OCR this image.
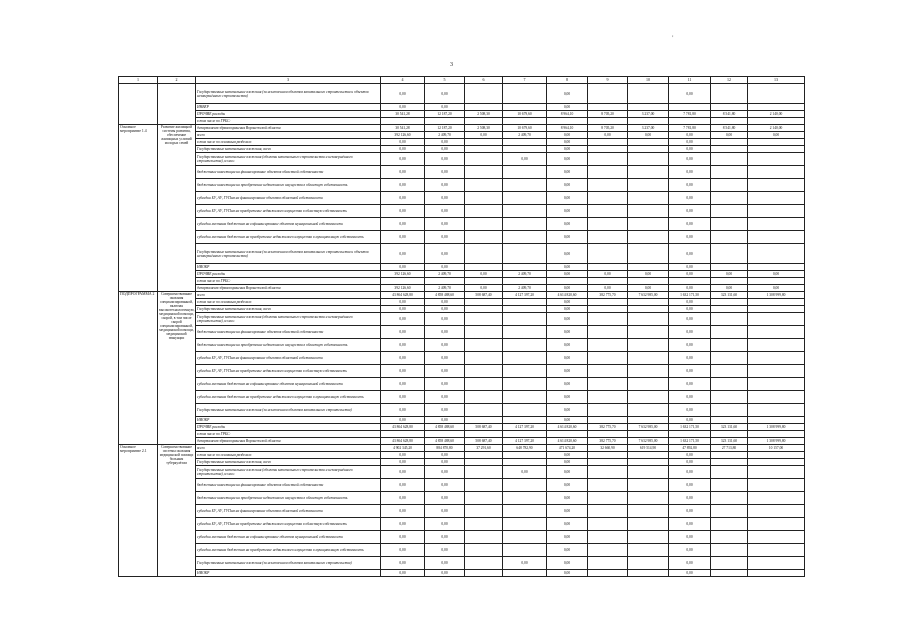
,
3
1	2	3	4	5	6	7	8	9	10	11	12	13
		Государственные капитальные вложения (за исключением объектов капитального строительства и объектов незавершённого строительства)	0,00	0,00			0,00			0,00		
		ИНВЕР	0,00	0,00			0,00					
		ПРОЧИЕ расходы	30 541,28	12 187,20	2 508,30	10 679,60	8 964,10	8 705,20	3 237,00	7 781,80	8 541,80	2 140,00
		в том числе по ГРБС:										
Основное мероприятие 1.4	Развитие жилищной системы развития, обеспечение жилищных условий молодых семей	департамент здравоохранения Воронежской области	30 541,28	12 187,20	2 508,30	10 679,60	8 964,10	8 705,20	3 237,00	7 781,80	8 541,80	2 140,00
		всего	392 126,60	2 409,70	0,00	2 409,70	0,00	0,00	0,00	0,00	0,00	0,00
		в том числе по основным разделам:	0,00	0,00			0,00			0,00		
		Государственные капитальные вложения, всего	0,00	0,00			0,00			0,00		
		Государственные капитальные вложения (объекты капитального строительства и незавершённого строительства), из них:	0,00	0,00		0,00	0,00			0,00		
		бюджетные инвестиции на финансирование объектов областной собственности	0,00	0,00			0,00			0,00		
		бюджетные инвестиции на приобретение недвижимого имущества в областную собственность	0,00	0,00			0,00			0,00		
		субсидии БУ, АУ, ГУПам на финансирование объектов областной собственности	0,00	0,00			0,00			0,00		
		субсидии БУ, АУ, ГУПам на приобретение недвижимого имущества в областную собственность	0,00	0,00			0,00			0,00		
		субсидии местным бюджетам на софинансирование объектов муниципальной собственности	0,00	0,00			0,00			0,00		
		субсидии местным бюджетам на приобретение недвижимого имущества в муниципальную собственность	0,00	0,00			0,00			0,00		
		Государственные капитальные вложения (за исключением объектов капитального строительства и объектов незавершённого строительства)	0,00	0,00			0,00			0,00		
		НИОКР	0,00	0,00			0,00			0,00		
		ПРОЧИЕ расходы	392 126,60	2 409,70	0,00	2 409,70	0,00	0,00	0,00	0,00	0,00	0,00
		в том числе по ГРБС:										
		департамент здравоохранения Воронежской области	392 126,60	2 409,70	0,00	2 409,70	0,00	0,00	0,00	0,00	0,00	0,00
ПОДПРОГРАММА 2	Совершенствование оказания специализированной, включая высокотехнологичную, медицинской помощи, скорой, в том числе скорой специализированной, медицинской помощи, медицинской эвакуации	всего	43 864 628,80	4 858 488,60	508 687,40	4 127 397,20	4 614 820,60	382 775,70	7 632 985,00	1 632 171,50	323 131,60	1 308 999,80
		в том числе по основным разделам:	0,00	0,00			0,00			0,00		
		Государственные капитальные вложения, всего	0,00	0,00			0,00			0,00		
		Государственные капитальные вложения (объекты капитального строительства и незавершённого строительства), из них:	0,00	0,00			0,00			0,00		
		бюджетные инвестиции на финансирование объектов областной собственности	0,00	0,00			0,00			0,00		
		бюджетные инвестиции на приобретение недвижимого имущества в областную собственность	0,00	0,00			0,00			0,00		
		субсидии БУ, АУ, ГУПам на финансирование объектов областной собственности	0,00	0,00			0,00			0,00		
		субсидии БУ, АУ, ГУПам на приобретение недвижимого имущества в областную собственность	0,00	0,00			0,00			0,00		
		субсидии местным бюджетам на софинансирование объектов муниципальной собственности	0,00	0,00			0,00			0,00		
		субсидии местным бюджетам на приобретение недвижимого имущества в муниципальную собственность	0,00	0,00			0,00			0,00		
		Государственные капитальные вложения (за исключением объектов капитального строительства)	0,00	0,00			0,00			0,00		
		НИОКР	0,00	0,00			0,00			0,00		
		ПРОЧИЕ расходы	43 864 628,80	4 858 488,60	508 687,40	4 127 397,20	4 614 820,60	382 775,70	7 632 985,00	1 632 171,50	323 131,60	1 308 999,80
		в том числе по ГРБС:										
		департамент здравоохранения Воронежской области	43 864 628,80	4 858 488,60	508 687,40	4 127 397,20	4 614 820,60	382 775,70	7 632 985,00	1 632 171,50	323 131,60	1 308 999,80
Основное мероприятие 2.1	Совершенствование системы оказания медицинской помощи больным туберкулёзом	всего	4 902 345,20	884 870,80	37 291,60	648 782,90	471 674,20	32 660,90	619 514,90	47 892,80	27 713,80	10 157,00
		в том числе по основным разделам:	0,00	0,00			0,00			0,00		
		Государственные капитальные вложения, всего	0,00	0,00			0,00			0,00		
		Государственные капитальные вложения (объекты капитального строительства и незавершённого строительства), из них:	0,00	0,00		0,00	0,00			0,00		
		бюджетные инвестиции на финансирование объектов областной собственности	0,00	0,00			0,00			0,00		
		бюджетные инвестиции на приобретение недвижимого имущества в областную собственность	0,00	0,00			0,00			0,00		
		субсидии БУ, АУ, ГУПам на финансирование объектов областной собственности	0,00	0,00			0,00			0,00		
		субсидии БУ, АУ, ГУПам на приобретение недвижимого имущества в областную собственность	0,00	0,00			0,00			0,00		
		субсидии местным бюджетам на софинансирование объектов муниципальной собственности	0,00	0,00			0,00			0,00		
		субсидии местным бюджетам на приобретение недвижимого имущества в муниципальную собственность	0,00	0,00			0,00			0,00		
		Государственные капитальные вложения (за исключением объектов капитального строительства)	0,00	0,00		0,00	0,00			0,00		
		НИОКР	0,00	0,00			0,00			0,00		
